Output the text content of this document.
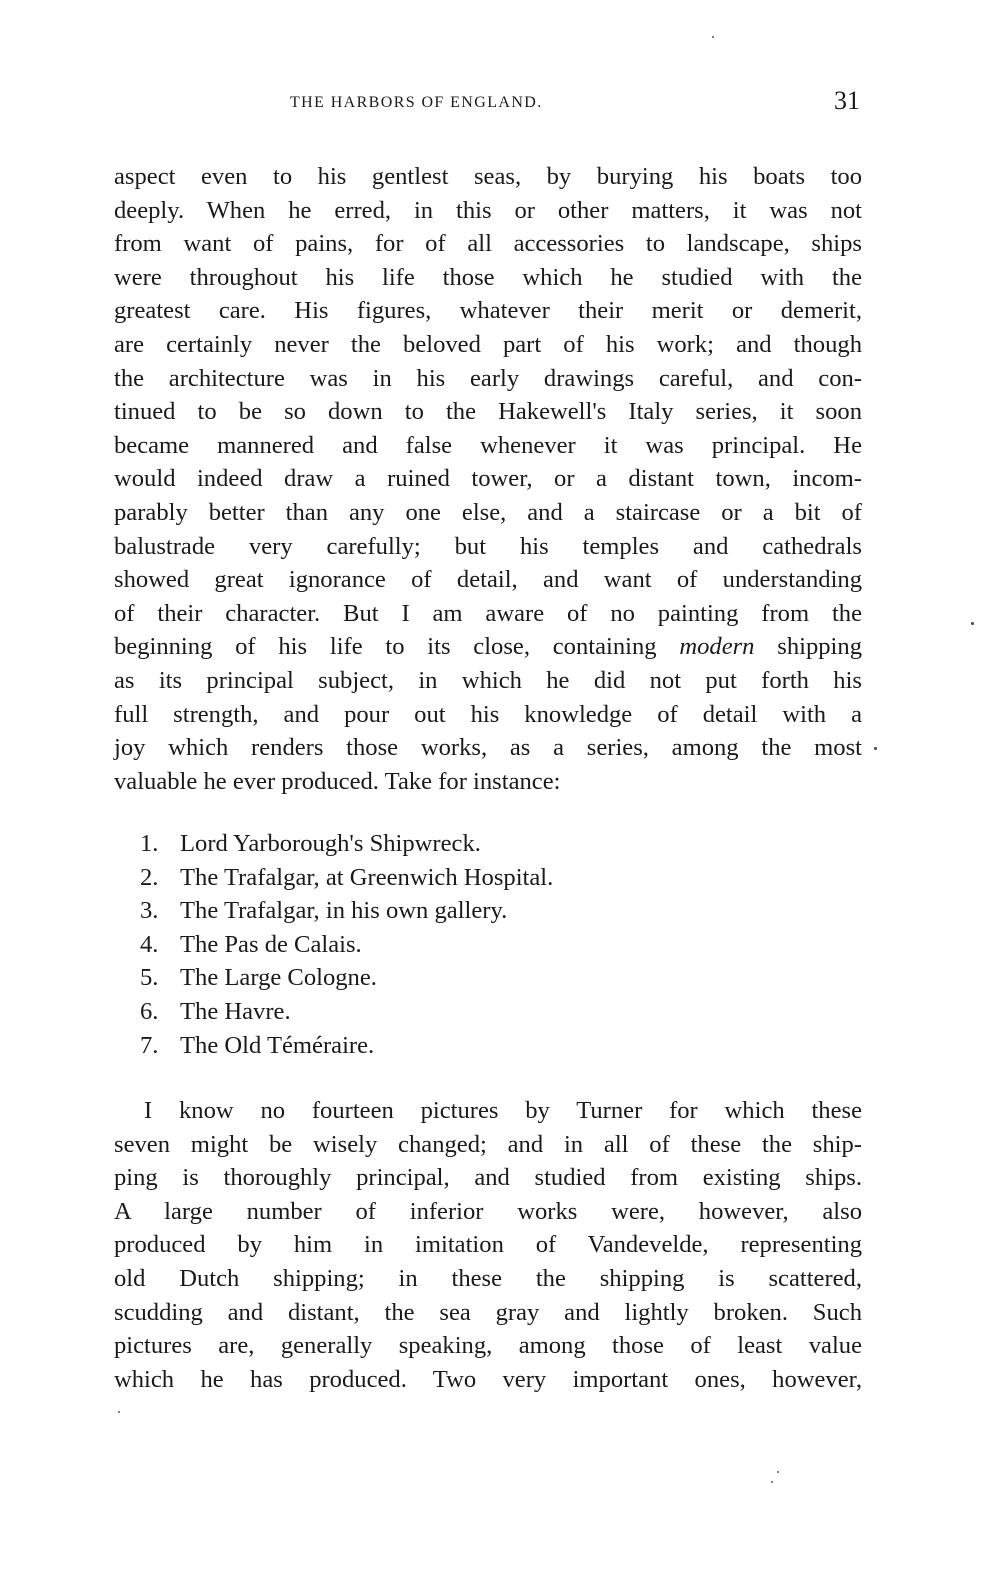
THE HARBORS OF ENGLAND.	31
aspect even to his gentlest seas, by burying his boats too
deeply. When he erred, in this or other matters, it was not
from want of pains, for of all accessories to landscape, ships
were throughout his life those which he studied with the
greatest care. His figures, whatever their merit or demerit,
are certainly never the beloved part of his work; and though
the architecture was in his early drawings careful, and con-
tinued to be so down to the Hakewell's Italy series, it soon
became mannered and false whenever it was principal. He
would indeed draw a ruined tower, or a distant town, incom-
parably better than any one else, and a staircase or a bit of
balustrade very carefully; but his temples and cathedrals
showed great ignorance of detail, and want of understanding
of their character. But I am aware of no painting from the
beginning of his life to its close, containing modern shipping
as its principal subject, in which he did not put forth his
full strength, and pour out his knowledge of detail with a
joy which renders those works, as a series, among the most
valuable he ever produced. Take for instance:
1. Lord Yarborough's Shipwreck.
2. The Trafalgar, at Greenwich Hospital.
3. The Trafalgar, in his own gallery.
4. The Pas de Calais.
5. The Large Cologne.
6. The Havre.
7. The Old Téméraire.
I know no fourteen pictures by Turner for which these
seven might be wisely changed; and in all of these the ship-
ping is thoroughly principal, and studied from existing ships.
A large number of inferior works were, however, also
produced by him in imitation of Vandevelde, representing
old Dutch shipping; in these the shipping is scattered,
scudding and distant, the sea gray and lightly broken. Such
pictures are, generally speaking, among those of least value
which he has produced. Two very important ones, however,
